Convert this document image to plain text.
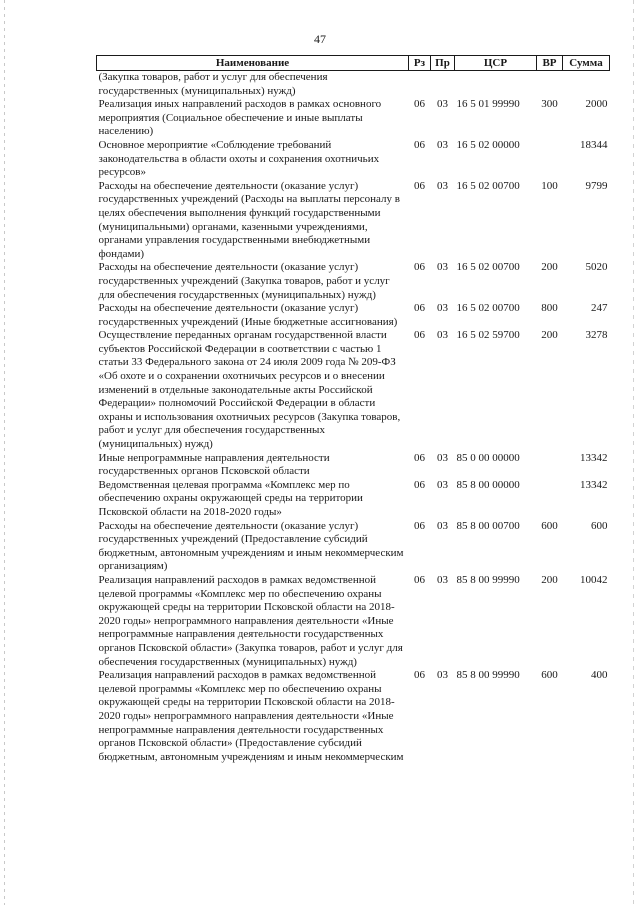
47
Наименование	Рз	Пр	ЦСР	ВР	Сумма
(Закупка товаров, работ и услуг для обеспечения государственных (муниципальных) нужд)					
Реализация иных направлений расходов в рамках основного мероприятия (Социальное обеспечение и иные выплаты населению)	06	03	16 5 01 99990	300	2000
Основное мероприятие «Соблюдение требований законодательства в области охоты и сохранения охотничьих ресурсов»	06	03	16 5 02 00000		18344
Расходы на обеспечение деятельности (оказание услуг) государственных учреждений (Расходы на выплаты персоналу в целях обеспечения выполнения функций государственными (муниципальными) органами, казенными учреждениями, органами управления государственными внебюджетными фондами)	06	03	16 5 02 00700	100	9799
Расходы на обеспечение деятельности (оказание услуг) государственных учреждений (Закупка товаров, работ и услуг для обеспечения государственных (муниципальных) нужд)	06	03	16 5 02 00700	200	5020
Расходы на обеспечение деятельности (оказание услуг) государственных учреждений (Иные бюджетные ассигнования)	06	03	16 5 02 00700	800	247
Осуществление переданных органам государственной власти субъектов Российской Федерации в соответствии с частью 1 статьи 33 Федерального закона от 24 июля 2009 года № 209-ФЗ «Об охоте и о сохранении охотничьих ресурсов и о внесении изменений в отдельные законодательные акты Российской Федерации» полномочий Российской Федерации в области охраны и использования охотничьих ресурсов (Закупка товаров, работ и услуг для обеспечения государственных (муниципальных) нужд)	06	03	16 5 02 59700	200	3278
Иные непрограммные направления деятельности государственных органов Псковской области	06	03	85 0 00 00000		13342
Ведомственная целевая программа «Комплекс мер по обеспечению охраны окружающей среды на территории Псковской области на 2018-2020 годы»	06	03	85 8 00 00000		13342
Расходы на обеспечение деятельности (оказание услуг) государственных учреждений (Предоставление субсидий бюджетным, автономным учреждениям и иным некоммерческим организациям)	06	03	85 8 00 00700	600	600
Реализация направлений расходов в рамках ведомственной целевой программы «Комплекс мер по обеспечению охраны окружающей среды на территории Псковской области на 2018-2020 годы» непрограммного направления деятельности «Иные непрограммные направления деятельности государственных органов Псковской области» (Закупка товаров, работ и услуг для обеспечения государственных (муниципальных) нужд)	06	03	85 8 00 99990	200	10042
Реализация направлений расходов в рамках ведомственной целевой программы «Комплекс мер по обеспечению охраны окружающей среды на территории Псковской области на 2018-2020 годы» непрограммного направления деятельности «Иные непрограммные направления деятельности государственных органов Псковской области» (Предоставление субсидий бюджетным, автономным учреждениям и иным некоммерческим	06	03	85 8 00 99990	600	400
